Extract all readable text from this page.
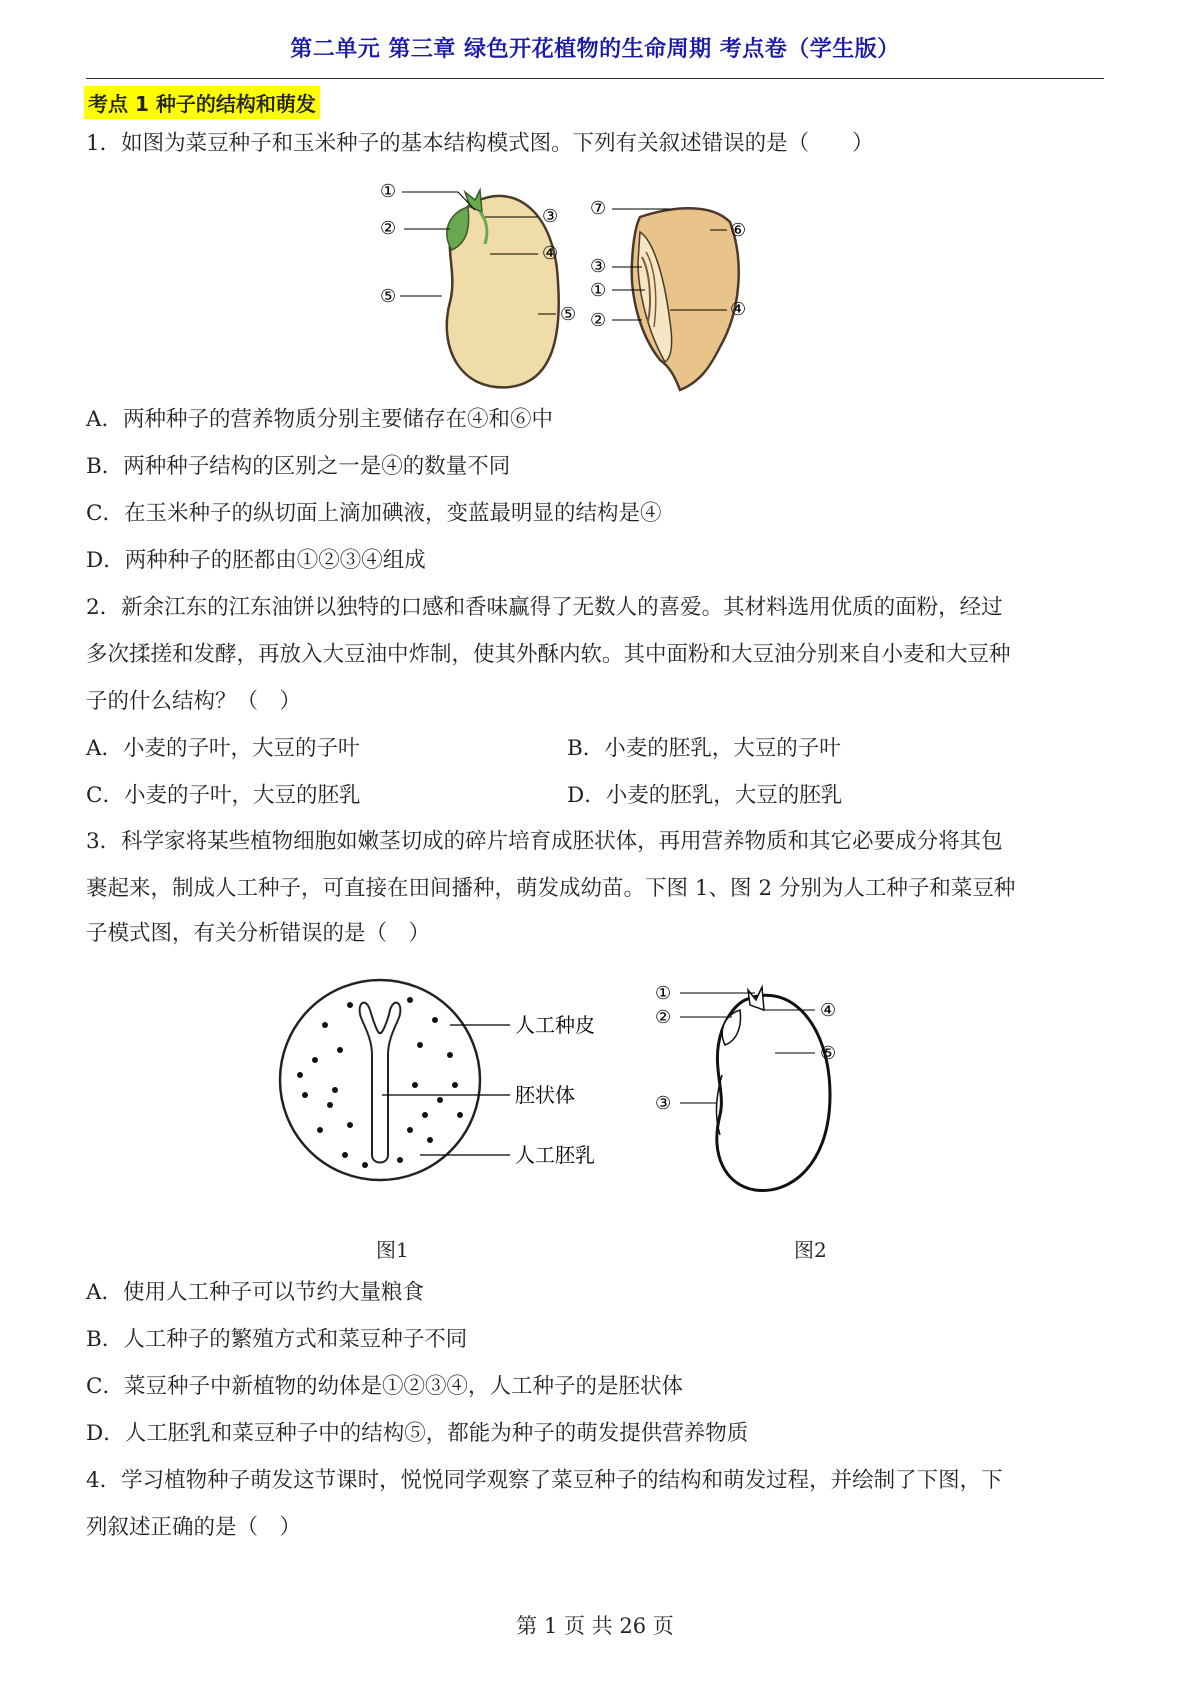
第二单元 第三章 绿色开花植物的生命周期 考点卷（学生版）
考点 1 种子的结构和萌发
1．如图为菜豆种子和玉米种子的基本结构模式图。下列有关叙述错误的是（　　）
①
②
③
④
⑤
⑤
⑦
⑥
③
①
②
④
A．两种种子的营养物质分别主要储存在④和⑥中
B．两种种子结构的区别之一是④的数量不同
C．在玉米种子的纵切面上滴加碘液，变蓝最明显的结构是④
D．两种种子的胚都由①②③④组成
2．新余江东的江东油饼以独特的口感和香味赢得了无数人的喜爱。其材料选用优质的面粉，经过
多次揉搓和发酵，再放入大豆油中炸制，使其外酥内软。其中面粉和大豆油分别来自小麦和大豆种
子的什么结构？（　）
A．小麦的子叶，大豆的子叶	B．小麦的胚乳，大豆的子叶
C．小麦的子叶，大豆的胚乳	D．小麦的胚乳，大豆的胚乳
3．科学家将某些植物细胞如嫩茎切成的碎片培育成胚状体，再用营养物质和其它必要成分将其包
裹起来，制成人工种子，可直接在田间播种，萌发成幼苗。下图 1、图 2 分别为人工种子和菜豆种
子模式图，有关分析错误的是（　）
人工种皮
胚状体
人工胚乳
①
②	④
⑤
③
图1	图2
A．使用人工种子可以节约大量粮食
B．人工种子的繁殖方式和菜豆种子不同
C．菜豆种子中新植物的幼体是①②③④，人工种子的是胚状体
D．人工胚乳和菜豆种子中的结构⑤，都能为种子的萌发提供营养物质
4．学习植物种子萌发这节课时，悦悦同学观察了菜豆种子的结构和萌发过程，并绘制了下图，下
列叙述正确的是（　）
第 1 页 共 26 页
